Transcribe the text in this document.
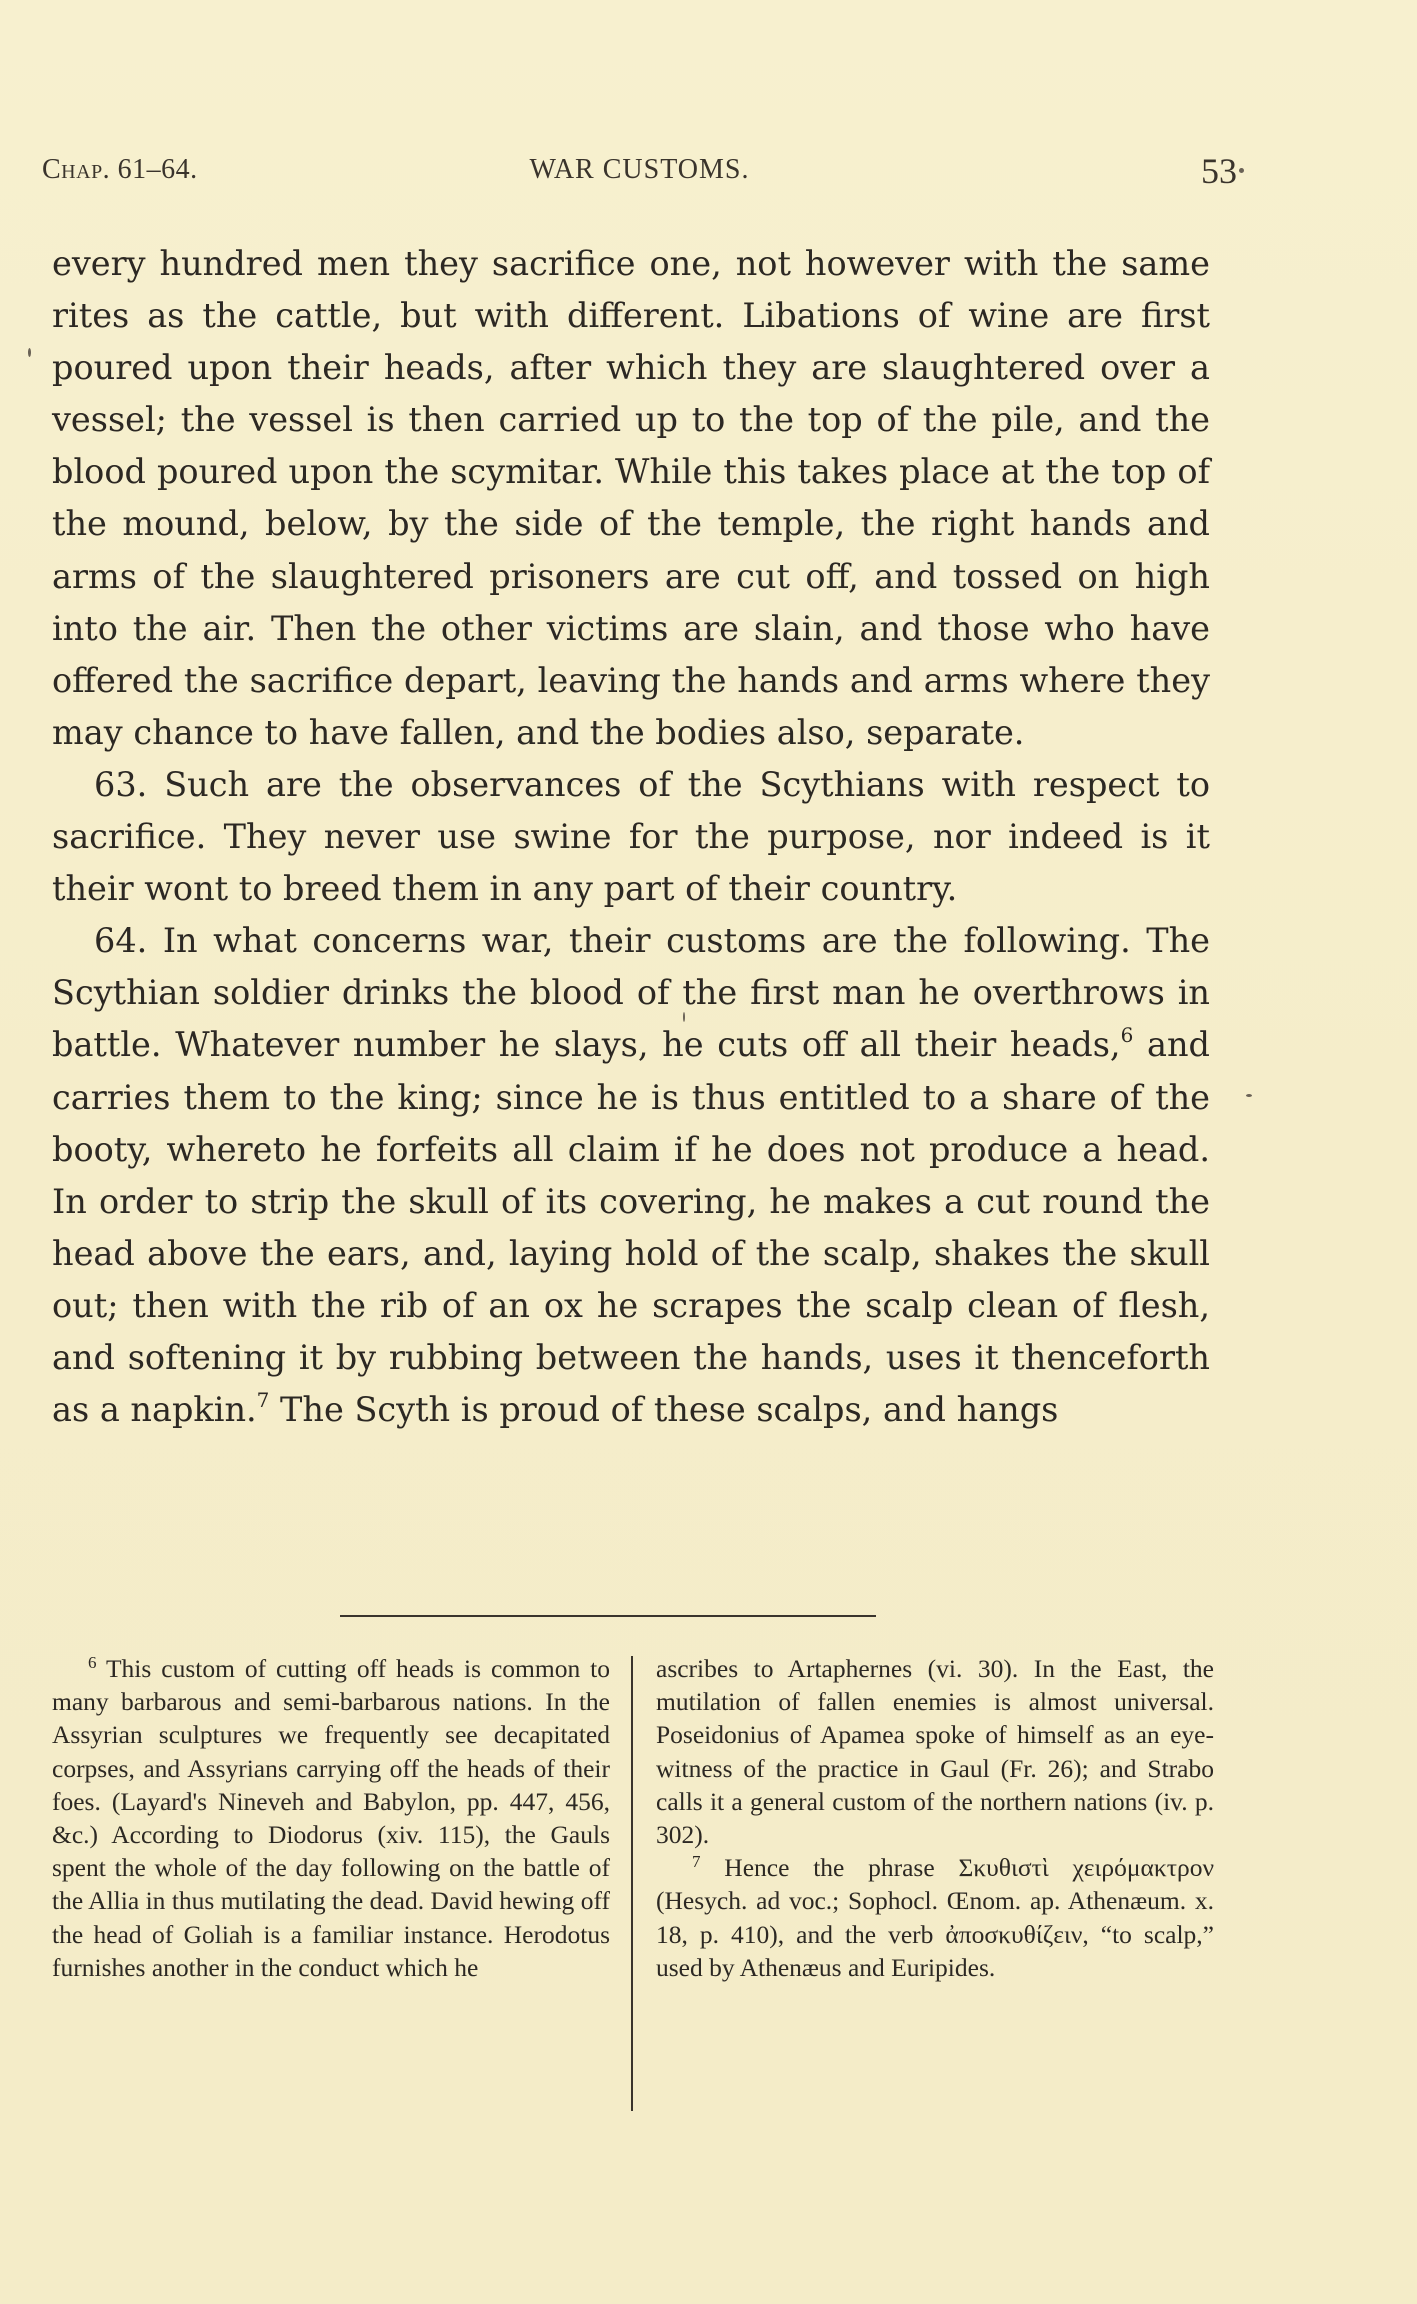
Chap. 61–64.	WAR CUSTOMS.	53

every hundred men they sacrifice one, not however with the same rites as the cattle, but with different. Libations of wine are first poured upon their heads, after which they are slaughtered over a vessel; the vessel is then carried up to the top of the pile, and the blood poured upon the scymitar. While this takes place at the top of the mound, below, by the side of the temple, the right hands and arms of the slaughtered prisoners are cut off, and tossed on high into the air. Then the other victims are slain, and those who have offered the sacrifice depart, leaving the hands and arms where they may chance to have fallen, and the bodies also, separate.

63. Such are the observances of the Scythians with respect to sacrifice. They never use swine for the purpose, nor indeed is it their wont to breed them in any part of their country.

64. In what concerns war, their customs are the following. The Scythian soldier drinks the blood of the first man he overthrows in battle. Whatever number he slays, he cuts off all their heads,$^6$ and carries them to the king; since he is thus entitled to a share of the booty, whereto he forfeits all claim if he does not produce a head. In order to strip the skull of its covering, he makes a cut round the head above the ears, and, laying hold of the scalp, shakes the skull out; then with the rib of an ox he scrapes the scalp clean of flesh, and softening it by rubbing between the hands, uses it thenceforth as a napkin.$^7$ The Scyth is proud of these scalps, and hangs

$^6$ This custom of cutting off heads is common to many barbarous and semi-barbarous nations. In the Assyrian sculptures we frequently see decapitated corpses, and Assyrians carrying off the heads of their foes. (Layard's Nineveh and Babylon, pp. 447, 456, &c.) According to Diodorus (xiv. 115), the Gauls spent the whole of the day following on the battle of the Allia in thus mutilating the dead. David hewing off the head of Goliah is a familiar instance. Herodotus furnishes another in the conduct which he

ascribes to Artaphernes (vi. 30). In the East, the mutilation of fallen enemies is almost universal. Poseidonius of Apamea spoke of himself as an eye-witness of the practice in Gaul (Fr. 26); and Strabo calls it a general custom of the northern nations (iv. p. 302).

$^7$ Hence the phrase Σκυθιστὶ χειρόμακτρον (Hesych. ad voc.; Sophocl. Œnom. ap. Athenæum. x. 18, p. 410), and the verb ἀποσκυθίζειν, “to scalp,” used by Athenæus and Euripides.
